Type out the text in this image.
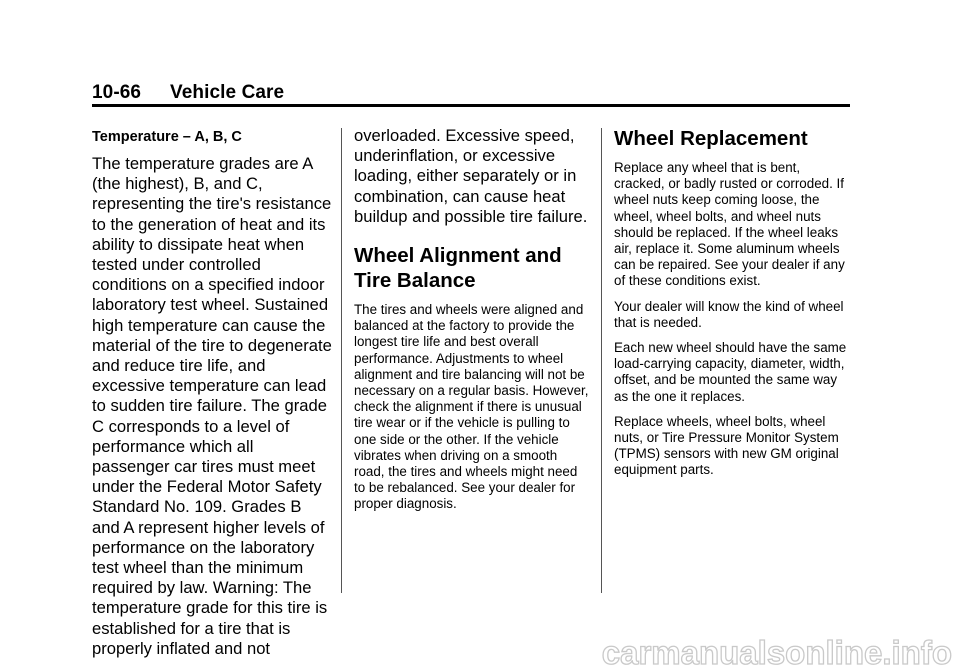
10-66 Vehicle Care
Temperature – A, B, C

The temperature grades are A (the highest), B, and C, representing the tire's resistance to the generation of heat and its ability to dissipate heat when tested under controlled conditions on a specified indoor laboratory test wheel. Sustained high temperature can cause the material of the tire to degenerate and reduce tire life, and excessive temperature can lead to sudden tire failure. The grade C corresponds to a level of performance which all passenger car tires must meet under the Federal Motor Safety Standard No. 109. Grades B and A represent higher levels of performance on the laboratory test wheel than the minimum required by law. Warning: The temperature grade for this tire is established for a tire that is properly inflated and not

overloaded. Excessive speed, underinflation, or excessive loading, either separately or in combination, can cause heat buildup and possible tire failure.

Wheel Alignment and Tire Balance

The tires and wheels were aligned and balanced at the factory to provide the longest tire life and best overall performance. Adjustments to wheel alignment and tire balancing will not be necessary on a regular basis. However, check the alignment if there is unusual tire wear or if the vehicle is pulling to one side or the other. If the vehicle vibrates when driving on a smooth road, the tires and wheels might need to be rebalanced. See your dealer for proper diagnosis.

Wheel Replacement

Replace any wheel that is bent, cracked, or badly rusted or corroded. If wheel nuts keep coming loose, the wheel, wheel bolts, and wheel nuts should be replaced. If the wheel leaks air, replace it. Some aluminum wheels can be repaired. See your dealer if any of these conditions exist.

Your dealer will know the kind of wheel that is needed.

Each new wheel should have the same load-carrying capacity, diameter, width, offset, and be mounted the same way as the one it replaces.

Replace wheels, wheel bolts, wheel nuts, or Tire Pressure Monitor System (TPMS) sensors with new GM original equipment parts.

carmanualsonline.info
